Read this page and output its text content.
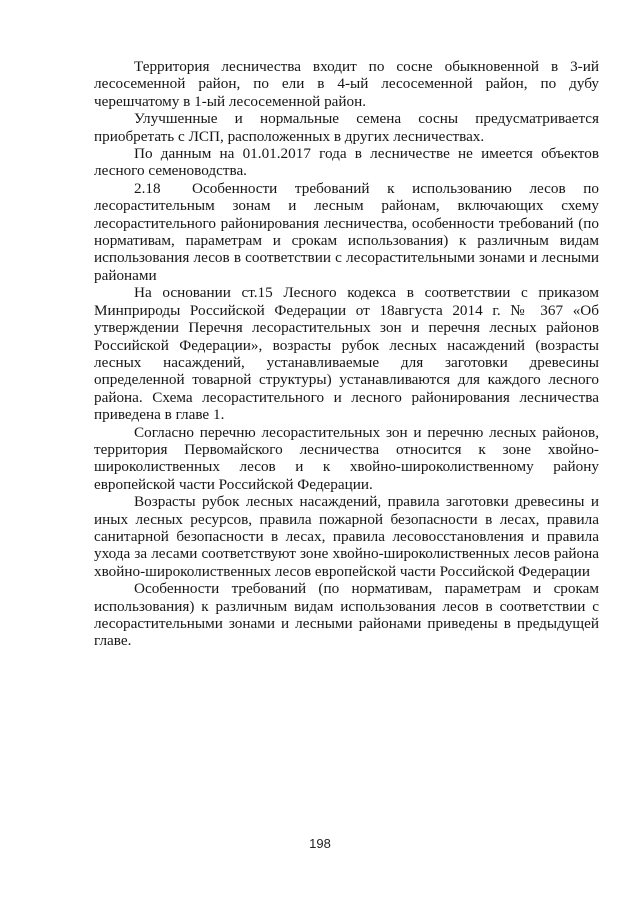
Территория лесничества входит по сосне обыкновенной в 3-ий лесосеменной район, по ели в 4-ый лесосеменной район, по дубу черешчатому в 1-ый лесосеменной район.

Улучшенные и нормальные семена сосны предусматривается приобретать с ЛСП, расположенных в других лесничествах.

По данным на 01.01.2017 года в лесничестве не имеется объектов лесного семеноводства.

2.18 Особенности требований к использованию лесов по лесорастительным зонам и лесным районам, включающих схему лесорастительного районирования лесничества, особенности требований (по нормативам, параметрам и срокам использования) к различным видам использования лесов в соответствии с лесорастительными зонами и лесными районами

На основании ст.15 Лесного кодекса в соответствии с приказом Минприроды Российской Федерации от 18августа 2014 г. № 367 «Об утверждении Перечня лесорастительных зон и перечня лесных районов Российской Федерации», возрасты рубок лесных насаждений (возрасты лесных насаждений, устанавливаемые для заготовки древесины определенной товарной структуры) устанавливаются для каждого лесного района. Схема лесорастительного и лесного районирования лесничества приведена в главе 1.

Согласно перечню лесорастительных зон и перечню лесных районов, территория Первомайского лесничества относится к зоне хвойно-широколиственных лесов и к хвойно-широколиственному району европейской части Российской Федерации.

Возрасты рубок лесных насаждений, правила заготовки древесины и иных лесных ресурсов, правила пожарной безопасности в лесах, правила санитарной безопасности в лесах, правила лесовосстановления и правила ухода за лесами соответствуют зоне хвойно-широколиственных лесов района хвойно-широколиственных лесов европейской части Российской Федерации

Особенности требований (по нормативам, параметрам и срокам использования) к различным видам использования лесов в соответствии с лесорастительными зонами и лесными районами приведены в предыдущей главе.

198
